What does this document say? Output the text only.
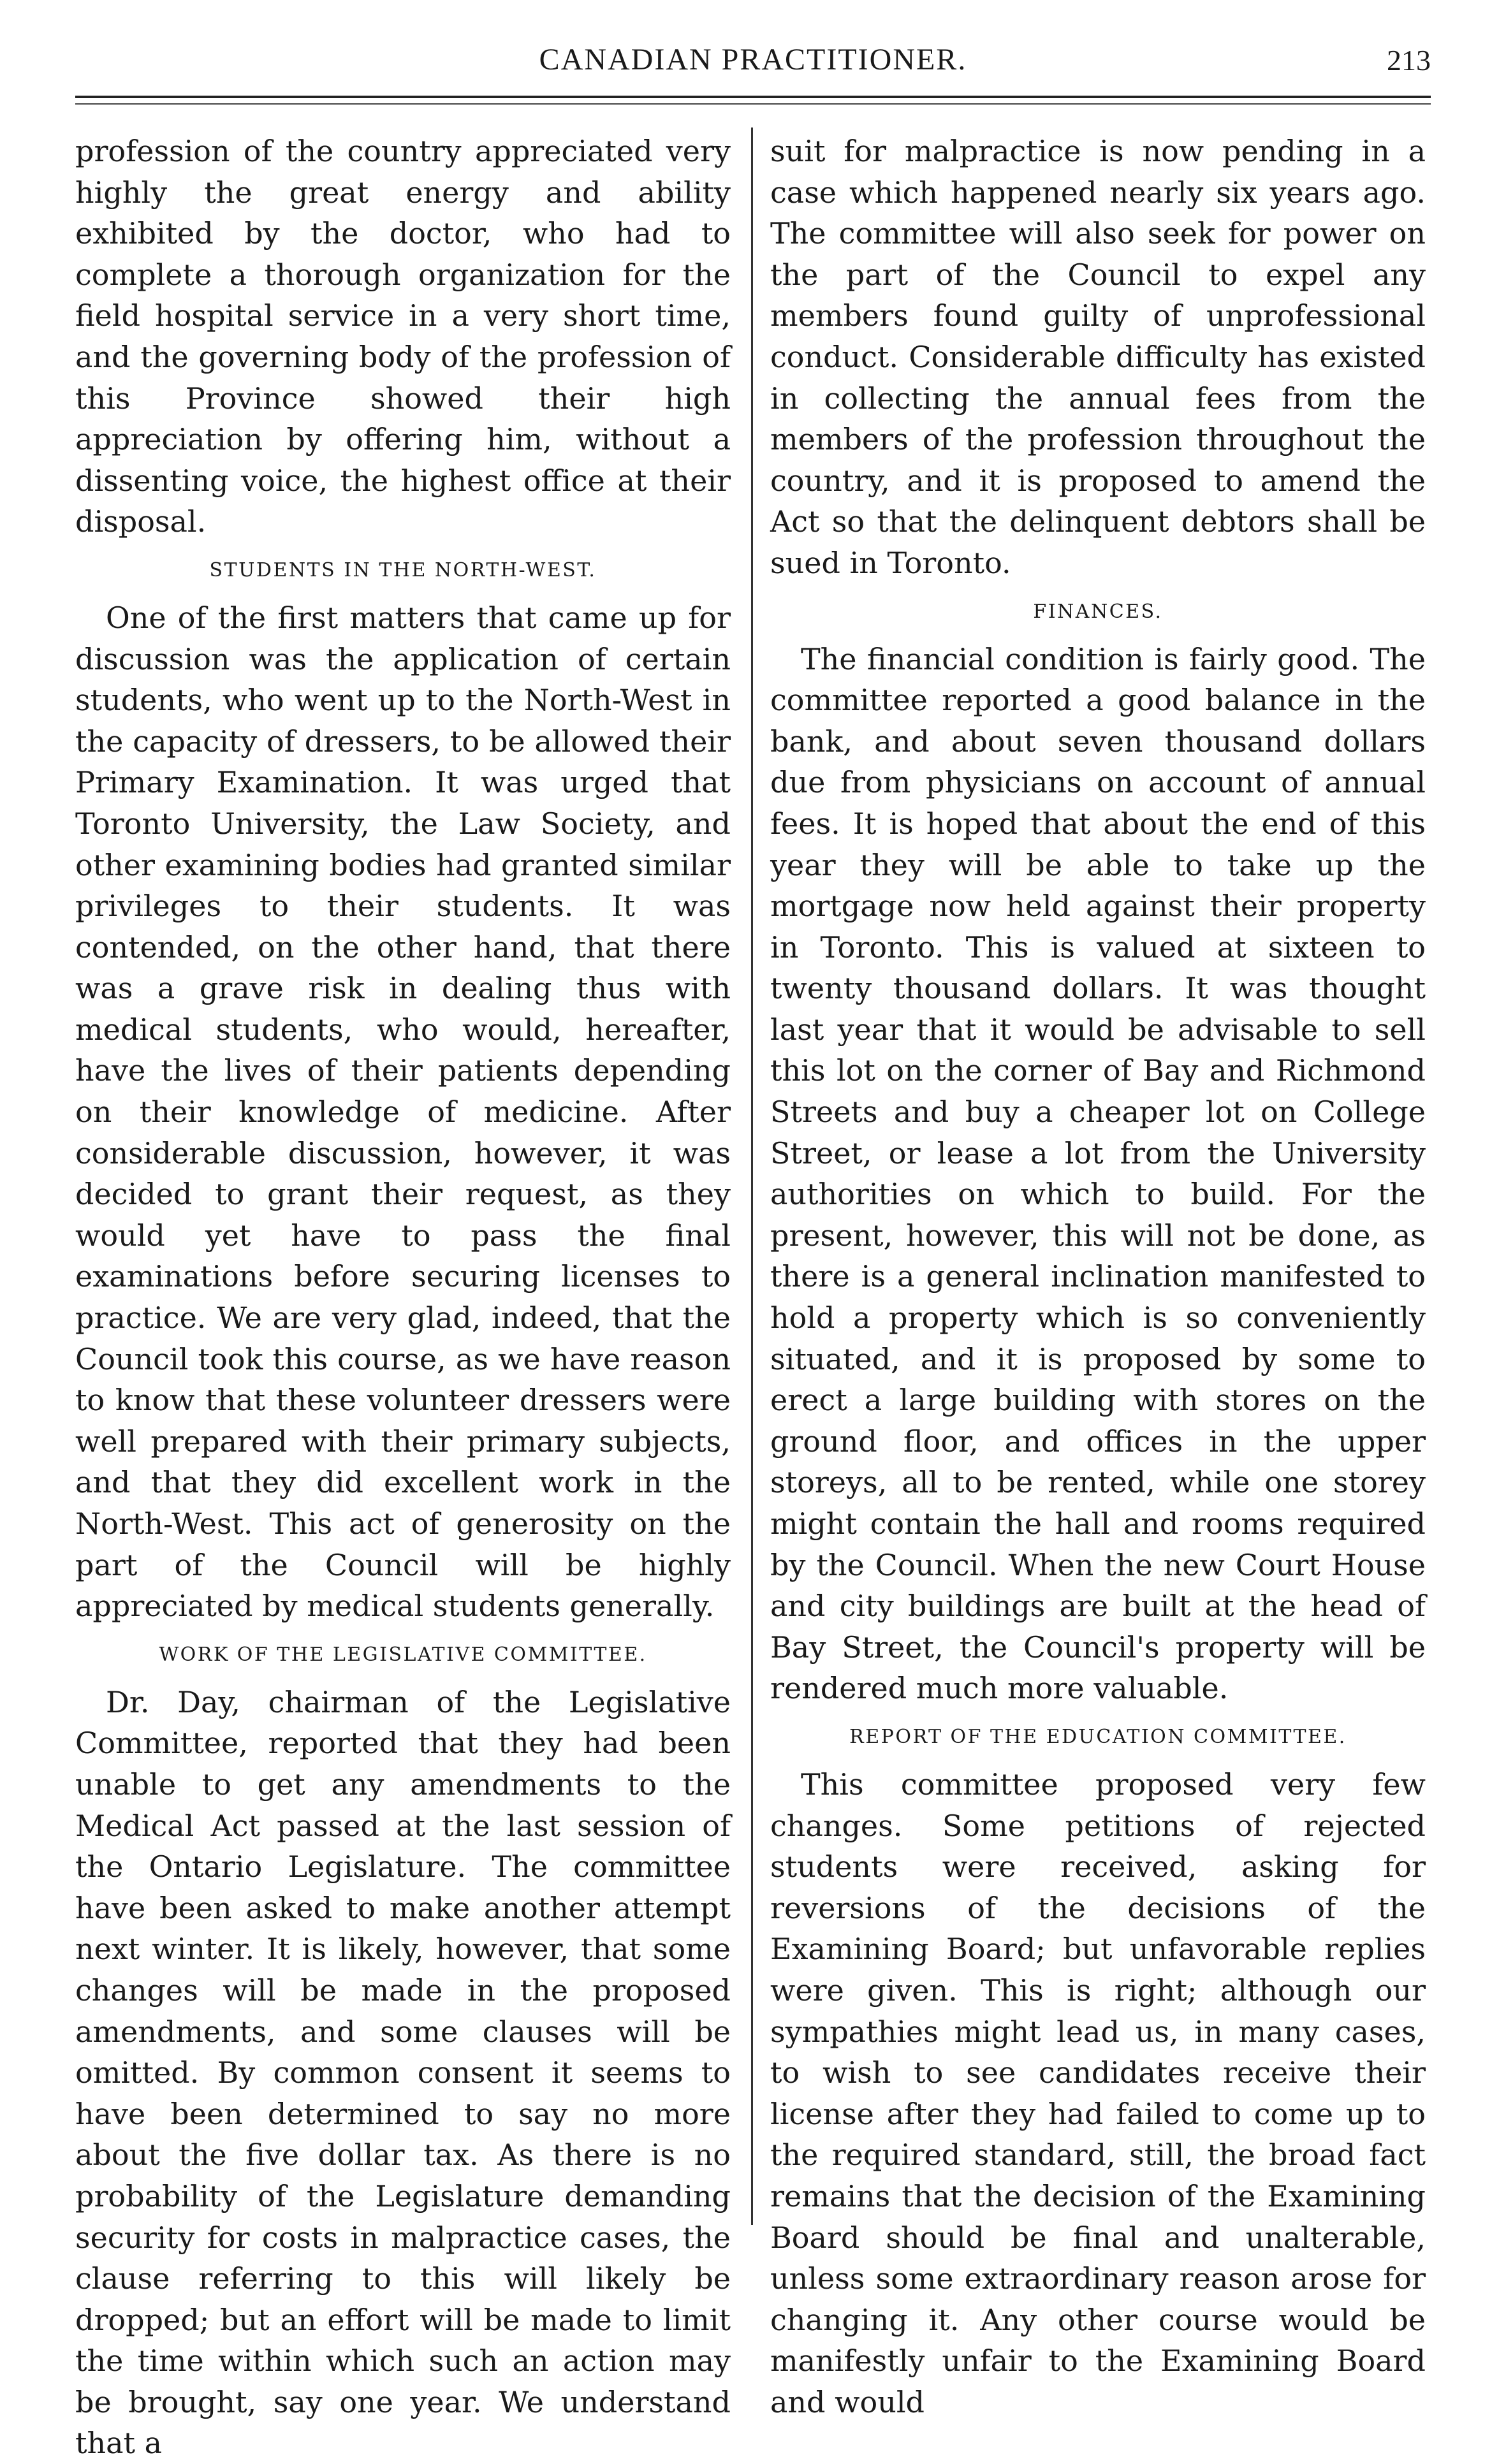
CANADIAN PRACTITIONER.	213

profession of the country appreciated very highly the great energy and ability exhibited by the doctor, who had to complete a thorough organization for the field hospital service in a very short time, and the governing body of the profession of this Province showed their high appreciation by offering him, without a dissenting voice, the highest office at their disposal.

STUDENTS IN THE NORTH-WEST.

One of the first matters that came up for discussion was the application of certain students, who went up to the North-West in the capacity of dressers, to be allowed their Primary Examination. It was urged that Toronto University, the Law Society, and other examining bodies had granted similar privileges to their students. It was contended, on the other hand, that there was a grave risk in dealing thus with medical students, who would, hereafter, have the lives of their patients depending on their knowledge of medicine. After considerable discussion, however, it was decided to grant their request, as they would yet have to pass the final examinations before securing licenses to practice. We are very glad, indeed, that the Council took this course, as we have reason to know that these volunteer dressers were well prepared with their primary subjects, and that they did excellent work in the North-West. This act of generosity on the part of the Council will be highly appreciated by medical students generally.

WORK OF THE LEGISLATIVE COMMITTEE.

Dr. Day, chairman of the Legislative Committee, reported that they had been unable to get any amendments to the Medical Act passed at the last session of the Ontario Legislature. The committee have been asked to make another attempt next winter. It is likely, however, that some changes will be made in the proposed amendments, and some clauses will be omitted. By common consent it seems to have been determined to say no more about the five dollar tax. As there is no probability of the Legislature demanding security for costs in malpractice cases, the clause referring to this will likely be dropped; but an effort will be made to limit the time within which such an action may be brought, say one year. We understand that a

suit for malpractice is now pending in a case which happened nearly six years ago. The committee will also seek for power on the part of the Council to expel any members found guilty of unprofessional conduct. Considerable difficulty has existed in collecting the annual fees from the members of the profession throughout the country, and it is proposed to amend the Act so that the delinquent debtors shall be sued in Toronto.

FINANCES.

The financial condition is fairly good. The committee reported a good balance in the bank, and about seven thousand dollars due from physicians on account of annual fees. It is hoped that about the end of this year they will be able to take up the mortgage now held against their property in Toronto. This is valued at sixteen to twenty thousand dollars. It was thought last year that it would be advisable to sell this lot on the corner of Bay and Richmond Streets and buy a cheaper lot on College Street, or lease a lot from the University authorities on which to build. For the present, however, this will not be done, as there is a general inclination manifested to hold a property which is so conveniently situated, and it is proposed by some to erect a large building with stores on the ground floor, and offices in the upper storeys, all to be rented, while one storey might contain the hall and rooms required by the Council. When the new Court House and city buildings are built at the head of Bay Street, the Council's property will be rendered much more valuable.

REPORT OF THE EDUCATION COMMITTEE.

This committee proposed very few changes. Some petitions of rejected students were received, asking for reversions of the decisions of the Examining Board; but unfavorable replies were given. This is right; although our sympathies might lead us, in many cases, to wish to see candidates receive their license after they had failed to come up to the required standard, still, the broad fact remains that the decision of the Examining Board should be final and unalterable, unless some extraordinary reason arose for changing it. Any other course would be manifestly unfair to the Examining Board and would
